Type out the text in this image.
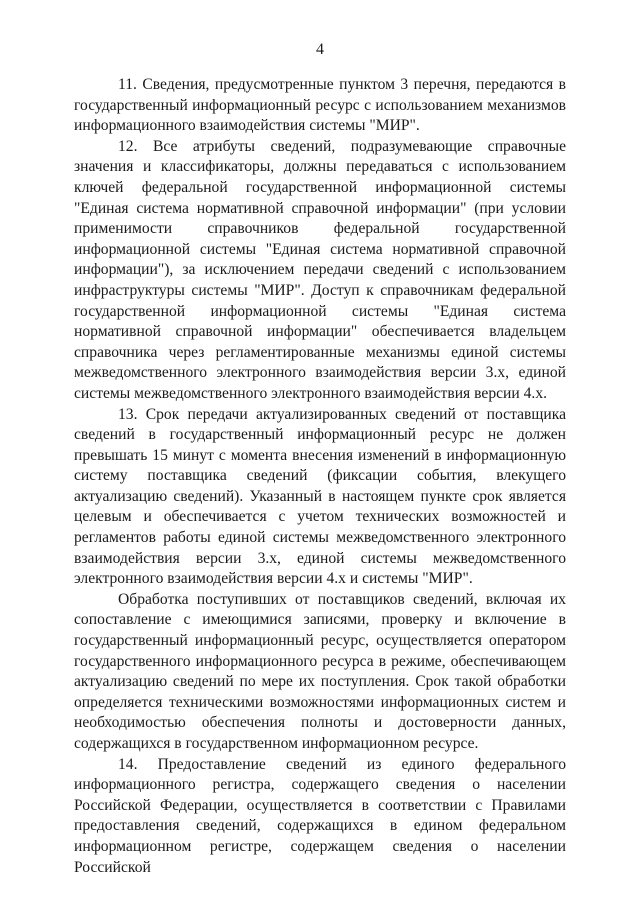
4

11. Сведения, предусмотренные пунктом 3 перечня, передаются в государственный информационный ресурс с использованием механизмов информационного взаимодействия системы "МИР".

12. Все атрибуты сведений, подразумевающие справочные значения и классификаторы, должны передаваться с использованием ключей федеральной государственной информационной системы "Единая система нормативной справочной информации" (при условии применимости справочников федеральной государственной информационной системы "Единая система нормативной справочной информации"), за исключением передачи сведений с использованием инфраструктуры системы "МИР". Доступ к справочникам федеральной государственной информационной системы "Единая система нормативной справочной информации" обеспечивается владельцем справочника через регламентированные механизмы единой системы межведомственного электронного взаимодействия версии 3.х, единой системы межведомственного электронного взаимодействия версии 4.х.

13. Срок передачи актуализированных сведений от поставщика сведений в государственный информационный ресурс не должен превышать 15 минут с момента внесения изменений в информационную систему поставщика сведений (фиксации события, влекущего актуализацию сведений). Указанный в настоящем пункте срок является целевым и обеспечивается с учетом технических возможностей и регламентов работы единой системы межведомственного электронного взаимодействия версии 3.х, единой системы межведомственного электронного взаимодействия версии 4.х и системы "МИР".

Обработка поступивших от поставщиков сведений, включая их сопоставление с имеющимися записями, проверку и включение в государственный информационный ресурс, осуществляется оператором государственного информационного ресурса в режиме, обеспечивающем актуализацию сведений по мере их поступления. Срок такой обработки определяется техническими возможностями информационных систем и необходимостью обеспечения полноты и достоверности данных, содержащихся в государственном информационном ресурсе.

14. Предоставление сведений из единого федерального информационного регистра, содержащего сведения о населении Российской Федерации, осуществляется в соответствии с Правилами предоставления сведений, содержащихся в едином федеральном информационном регистре, содержащем сведения о населении Российской
